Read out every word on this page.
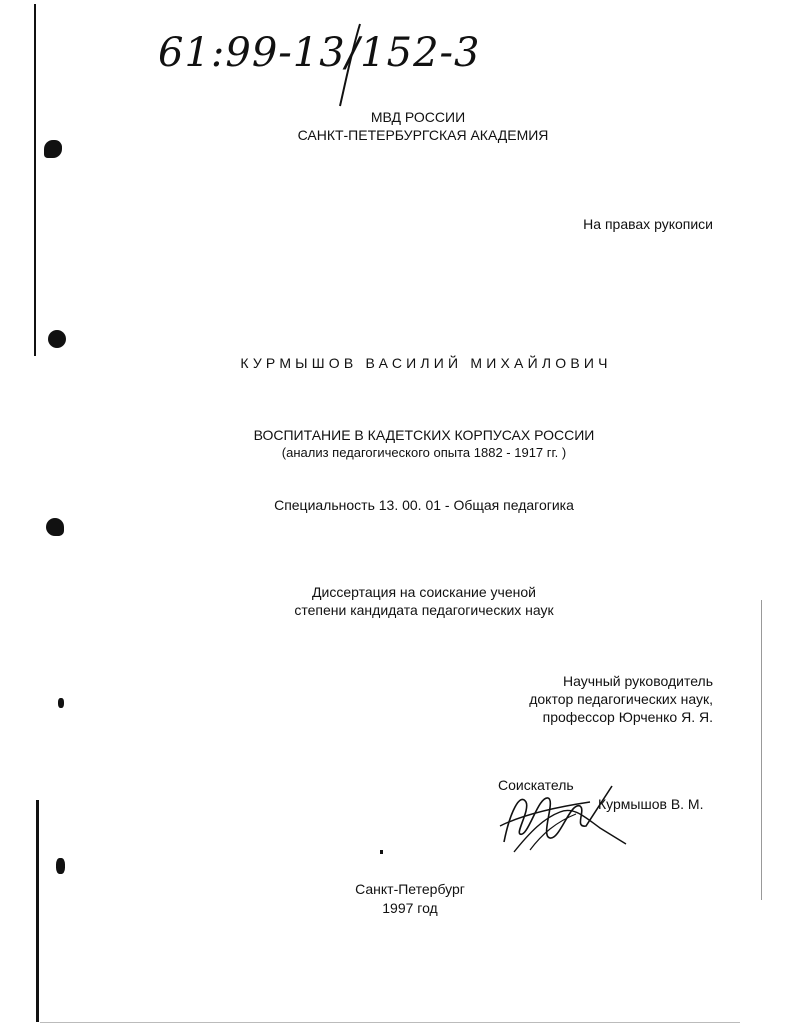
61:99-13/152-3
МВД РОССИИ
САНКТ-ПЕТЕРБУРГСКАЯ АКАДЕМИЯ
На правах рукописи
КУРМЫШОВ ВАСИЛИЙ МИХАЙЛОВИЧ
ВОСПИТАНИЕ В КАДЕТСКИХ КОРПУСАХ РОССИИ
(анализ педагогического опыта 1882 - 1917 гг. )
Специальность 13. 00. 01 - Общая педагогика
Диссертация на соискание ученой
степени кандидата педагогических наук
Научный руководитель
доктор педагогических наук,
профессор Юрченко Я. Я.
Соискатель
Курмышов В. М.
Санкт-Петербург
1997 год
